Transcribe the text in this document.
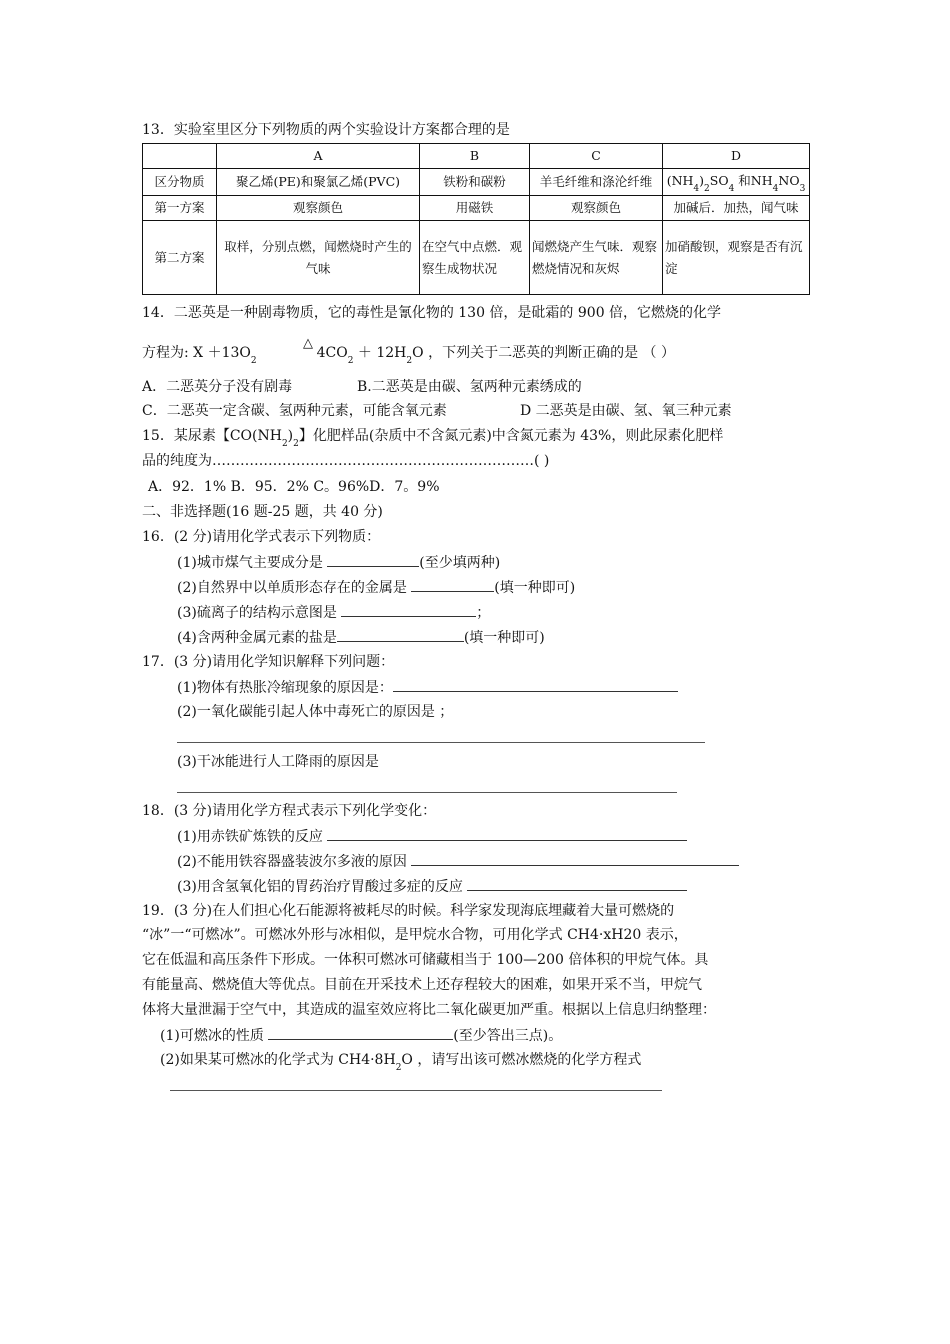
13．实验室里区分下列物质的两个实验设计方案都合理的是
	A	B	C	D
区分物质	聚乙烯(PE)和聚氯乙烯(PVC)	铁粉和碳粉	羊毛纤维和涤沦纤维	$(NH_4)_2SO_4$ 和$NH_4NO_3$
第一方案	观察颜色	用磁铁	观察颜色	加碱后．加热，闻气味
第二方案	取样，分别点燃，闻燃烧时产生的气味	在空气中点燃．观察生成物状况	闻燃烧产生气味．观察燃烧情况和灰烬	加硝酸钡，观察是否有沉淀
14．二恶英是一种剧毒物质，它的毒性是氰化物的 130 倍，是砒霜的 900 倍，它燃烧的化学
△
方程为: $X +13O_2$	$4CO_2 + 12H_2O$ ，下列关于二恶英的判断正确的是 （ ）
A．二恶英分子没有剧毒	B.二恶英是由碳、氢两种元素绣成的
C．二恶英一定含碳、氢两种元素，可能含氧元素	D 二恶英是由碳、氢、氧三种元素
15．某尿素【$CO(NH_2)_2$】化肥样品(杂质中不含氮元素)中含氮元素为 43%，则此尿素化肥样
品的纯度为……………………………………………………………( )
A．92．1% B．95．2% C。96%D．7。9%
二、非选择题(16 题-25 题，共 40 分)
16．(2 分)请用化学式表示下列物质：
(1)城市煤气主要成分是	(至少填两种)
(2)自然界中以单质形态存在的金属是	(填一种即可)
(3)硫离子的结构示意图是	；
(4)含两种金属元素的盐是	(填一种即可)
17．(3 分)请用化学知识解释下列问题：
(1)物体有热胀冷缩现象的原因是：
(2)一氧化碳能引起人体中毒死亡的原因是 ；
(3)干冰能进行人工降雨的原因是
18．(3 分)请用化学方程式表示下列化学变化：
(1)用赤铁矿炼铁的反应
(2)不能用铁容器盛装波尔多液的原因
(3)用含氢氧化铝的胃药治疗胃酸过多症的反应
19．(3 分)在人们担心化石能源将被耗尽的时候。科学家发现海底埋藏着大量可燃烧的
“冰”一“可燃冰”。可燃冰外形与冰相似，是甲烷水合物，可用化学式 CH4·xH20 表示，
它在低温和高压条件下形成。一体积可燃冰可储藏相当于 100—200 倍体积的甲烷气体。具
有能量高、燃烧值大等优点。目前在开采技术上还存程较大的困难，如果开采不当，甲烷气
体将大量泄漏于空气中，其造成的温室效应将比二氧化碳更加严重。根据以上信息归纳整理：
(1)可燃冰的性质	(至少答出三点)。
(2)如果某可燃冰的化学式为 $CH4\cdot 8H_2O$ ，请写出该可燃冰燃烧的化学方程式
